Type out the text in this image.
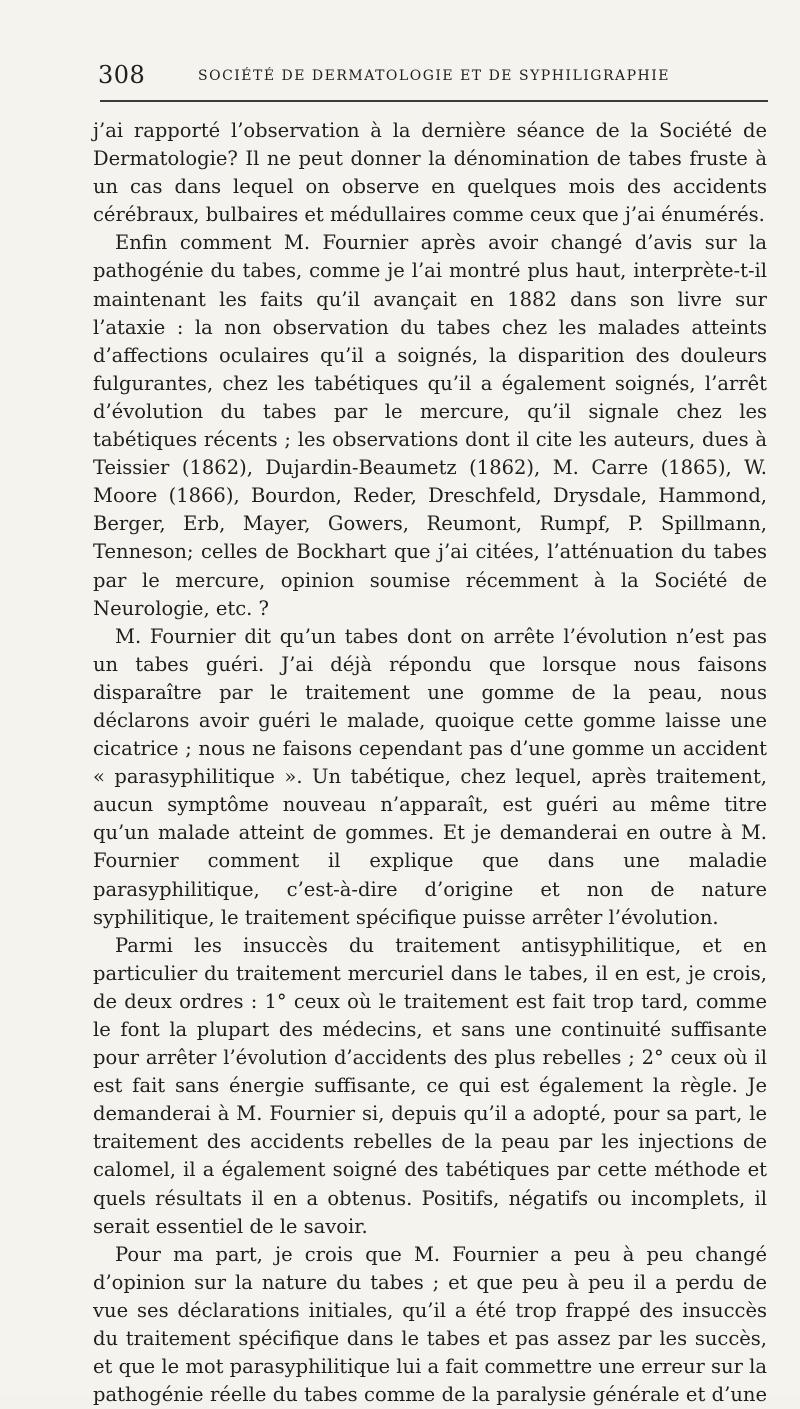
308	SOCIÉTÉ DE DERMATOLOGIE ET DE SYPHILIGRAPHIE

j’ai rapporté l’observation à la dernière séance de la Société de Dermatologie? Il ne peut donner la dénomination de tabes fruste à un cas dans lequel on observe en quelques mois des accidents cérébraux, bulbaires et médullaires comme ceux que j’ai énumérés.

Enfin comment M. Fournier après avoir changé d’avis sur la pathogénie du tabes, comme je l’ai montré plus haut, interprète-t-il maintenant les faits qu’il avançait en 1882 dans son livre sur l’ataxie : la non observation du tabes chez les malades atteints d’affections oculaires qu’il a soignés, la disparition des douleurs fulgurantes, chez les tabétiques qu’il a également soignés, l’arrêt d’évolution du tabes par le mercure, qu’il signale chez les tabétiques récents ; les observations dont il cite les auteurs, dues à Teissier (1862), Dujardin-Beaumetz (1862), M. Carre (1865), W. Moore (1866), Bourdon, Reder, Dreschfeld, Drysdale, Hammond, Berger, Erb, Mayer, Gowers, Reumont, Rumpf, P. Spillmann, Tenneson; celles de Bockhart que j’ai citées, l’atténuation du tabes par le mercure, opinion soumise récemment à la Société de Neurologie, etc. ?

M. Fournier dit qu’un tabes dont on arrête l’évolution n’est pas un tabes guéri. J’ai déjà répondu que lorsque nous faisons disparaître par le traitement une gomme de la peau, nous déclarons avoir guéri le malade, quoique cette gomme laisse une cicatrice ; nous ne faisons cependant pas d’une gomme un accident « parasyphilitique ». Un tabétique, chez lequel, après traitement, aucun symptôme nouveau n’apparaît, est guéri au même titre qu’un malade atteint de gommes. Et je demanderai en outre à M. Fournier comment il explique que dans une maladie parasyphilitique, c’est-à-dire d’origine et non de nature syphilitique, le traitement spécifique puisse arrêter l’évolution.

Parmi les insuccès du traitement antisyphilitique, et en particulier du traitement mercuriel dans le tabes, il en est, je crois, de deux ordres : 1° ceux où le traitement est fait trop tard, comme le font la plupart des médecins, et sans une continuité suffisante pour arrêter l’évolution d’accidents des plus rebelles ; 2° ceux où il est fait sans énergie suffisante, ce qui est également la règle. Je demanderai à M. Fournier si, depuis qu’il a adopté, pour sa part, le traitement des accidents rebelles de la peau par les injections de calomel, il a également soigné des tabétiques par cette méthode et quels résultats il en a obtenus. Positifs, négatifs ou incomplets, il serait essentiel de le savoir.

Pour ma part, je crois que M. Fournier a peu à peu changé d’opinion sur la nature du tabes ; et que peu à peu il a perdu de vue ses déclarations initiales, qu’il a été trop frappé des insuccès du traitement spécifique dans le tabes et pas assez par les succès, et que le mot parasyphilitique lui a fait commettre une erreur sur la pathogénie réelle du tabes comme de la paralysie générale et d’une
